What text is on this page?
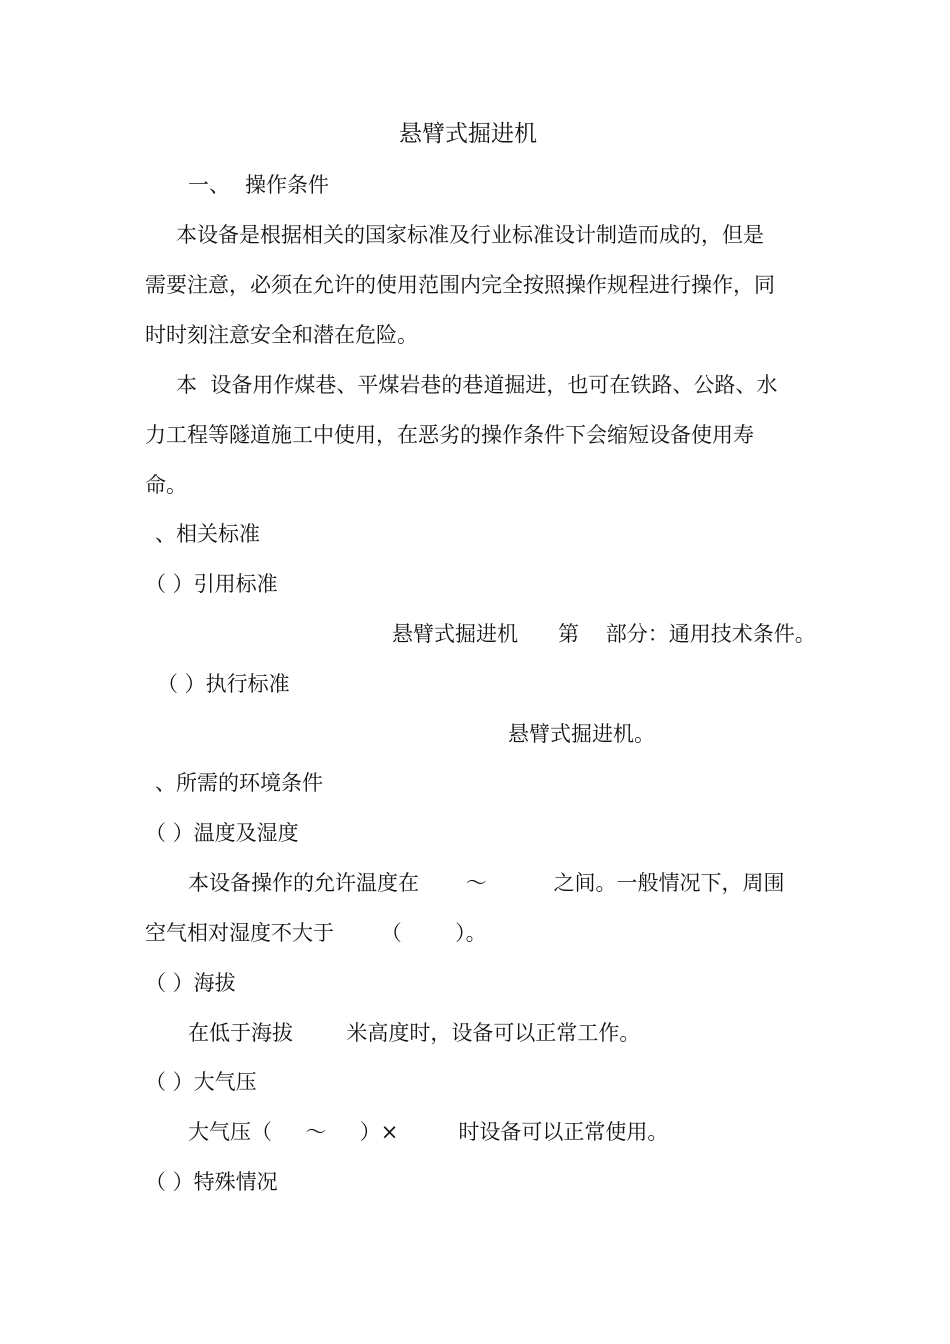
悬臂式掘进机
一、 操作条件
本设备是根据相关的国家标准及行业标准设计制造而成的，但是
需要注意，必须在允许的使用范围内完全按照操作规程进行操作，同
时时刻注意安全和潜在危险。
本  设备用作煤巷、平煤岩巷的巷道掘进，也可在铁路、公路、水
力工程等隧道施工中使用，在恶劣的操作条件下会缩短设备使用寿
命。
、相关标准
（ ）引用标准
悬臂式掘进机      第    部分：通用技术条件。
（ ）执行标准
悬臂式掘进机。
、所需的环境条件
（ ）温度及湿度
本设备操作的允许温度在       ～          之间。一般情况下，周围
空气相对湿度不大于       （        ）。
（ ）海拔
在低于海拔        米高度时，设备可以正常工作。
（ ）大气压
大气压（     ～     ）×         时设备可以正常使用。
（ ）特殊情况
